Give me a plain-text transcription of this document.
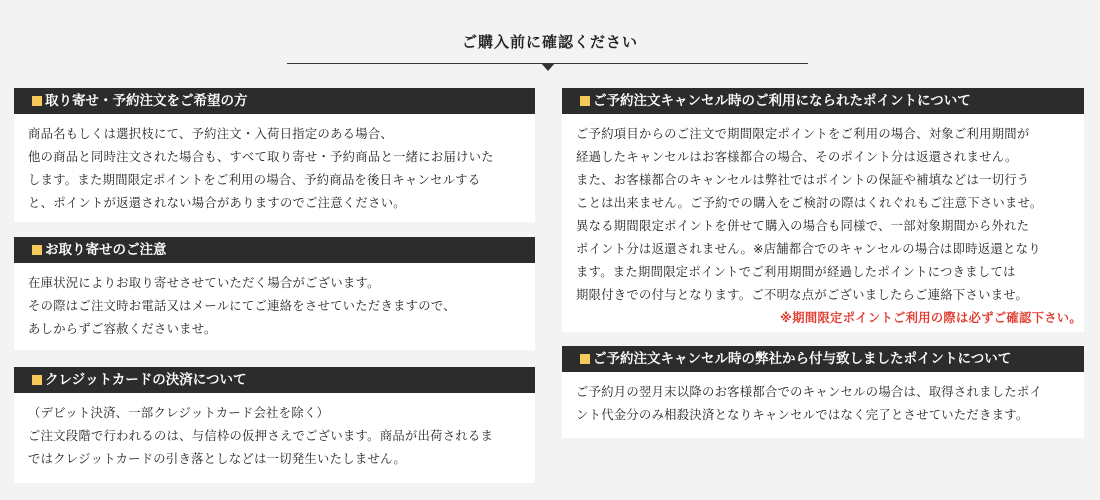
ご購入前に確認ください
取り寄せ・予約注文をご希望の方
商品名もしくは選択枝にて、予約注文・入荷日指定のある場合、
他の商品と同時注文された場合も、すべて取り寄せ・予約商品と一緒にお届けいた
します。また期間限定ポイントをご利用の場合、予約商品を後日キャンセルする
と、ポイントが返還されない場合がありますのでご注意ください。
お取り寄せのご注意
在庫状況によりお取り寄せさせていただく場合がございます。
その際はご注文時お電話又はメールにてご連絡をさせていただきますので、
あしからずご容赦くださいませ。
クレジットカードの決済について
（デビット決済、一部クレジットカード会社を除く）
ご注文段階で行われるのは、与信枠の仮押さえでございます。商品が出荷されるま
ではクレジットカードの引き落としなどは一切発生いたしません。
ご予約注文キャンセル時のご利用になられたポイントについて
ご予約項目からのご注文で期間限定ポイントをご利用の場合、対象ご利用期間が
経過したキャンセルはお客様都合の場合、そのポイント分は返還されません。
また、お客様都合のキャンセルは弊社ではポイントの保証や補填などは一切行う
ことは出来ません。ご予約での購入をご検討の際はくれぐれもご注意下さいませ。
異なる期間限定ポイントを併せて購入の場合も同様で、一部対象期間から外れた
ポイント分は返還されません。※店舗都合でのキャンセルの場合は即時返還となり
ます。また期間限定ポイントでご利用期間が経過したポイントにつきましては
期限付きでの付与となります。ご不明な点がございましたらご連絡下さいませ。
※期間限定ポイントご利用の際は必ずご確認下さい。
ご予約注文キャンセル時の弊社から付与致しましたポイントについて
ご予約月の翌月末以降のお客様都合でのキャンセルの場合は、取得されましたポイ
ント代金分のみ相殺決済となりキャンセルではなく完了とさせていただきます。
